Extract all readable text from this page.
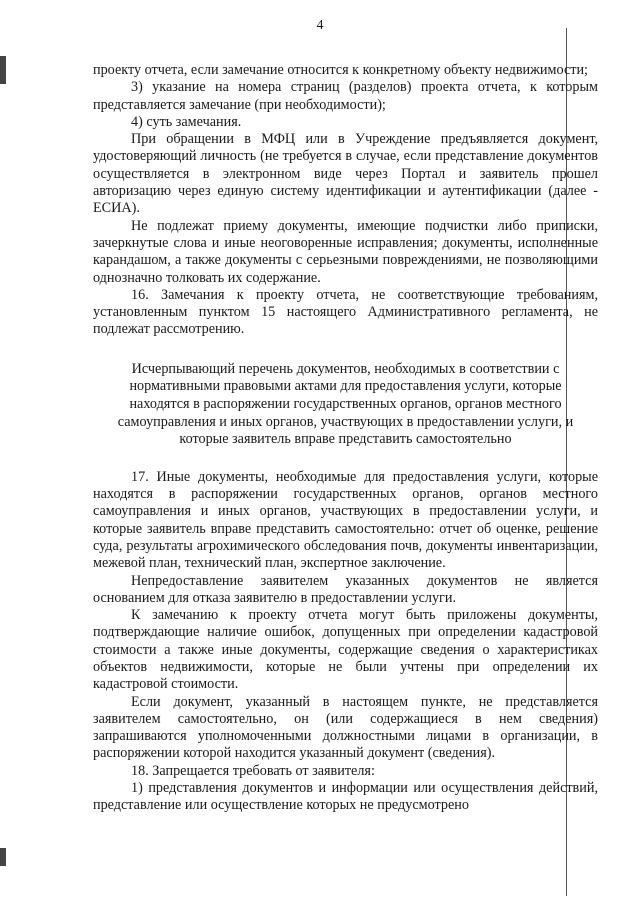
4

проекту отчета, если замечание относится к конкретному объекту недвижимости;

3) указание на номера страниц (разделов) проекта отчета, к которым представляется замечание (при необходимости);

4) суть замечания.

При обращении в МФЦ или в Учреждение предъявляется документ, удостоверяющий личность (не требуется в случае, если представление документов осуществляется в электронном виде через Портал и заявитель прошел авторизацию через единую систему идентификации и аутентификации (далее - ЕСИА).

Не подлежат приему документы, имеющие подчистки либо приписки, зачеркнутые слова и иные неоговоренные исправления; документы, исполненные карандашом, а также документы с серьезными повреждениями, не позволяющими однозначно толковать их содержание.

16. Замечания к проекту отчета, не соответствующие требованиям, установленным пунктом 15 настоящего Административного регламента, не подлежат рассмотрению.

Исчерпывающий перечень документов, необходимых в соответствии с
нормативными правовыми актами для предоставления услуги, которые
находятся в распоряжении государственных органов, органов местного
самоуправления и иных органов, участвующих в предоставлении услуги, и
которые заявитель вправе представить самостоятельно

17. Иные документы, необходимые для предоставления услуги, которые находятся в распоряжении государственных органов, органов местного самоуправления и иных органов, участвующих в предоставлении услуги, и которые заявитель вправе представить самостоятельно: отчет об оценке, решение суда, результаты агрохимического обследования почв, документы инвентаризации, межевой план, технический план, экспертное заключение.

Непредоставление заявителем указанных документов не является основанием для отказа заявителю в предоставлении услуги.

К замечанию к проекту отчета могут быть приложены документы, подтверждающие наличие ошибок, допущенных при определении кадастровой стоимости а также иные документы, содержащие сведения о характеристиках объектов недвижимости, которые не были учтены при определении их кадастровой стоимости.

Если документ, указанный в настоящем пункте, не представляется заявителем самостоятельно, он (или содержащиеся в нем сведения) запрашиваются уполномоченными должностными лицами в организации, в распоряжении которой находится указанный документ (сведения).

18. Запрещается требовать от заявителя:

1) представления документов и информации или осуществления действий, представление или осуществление которых не предусмотрено
